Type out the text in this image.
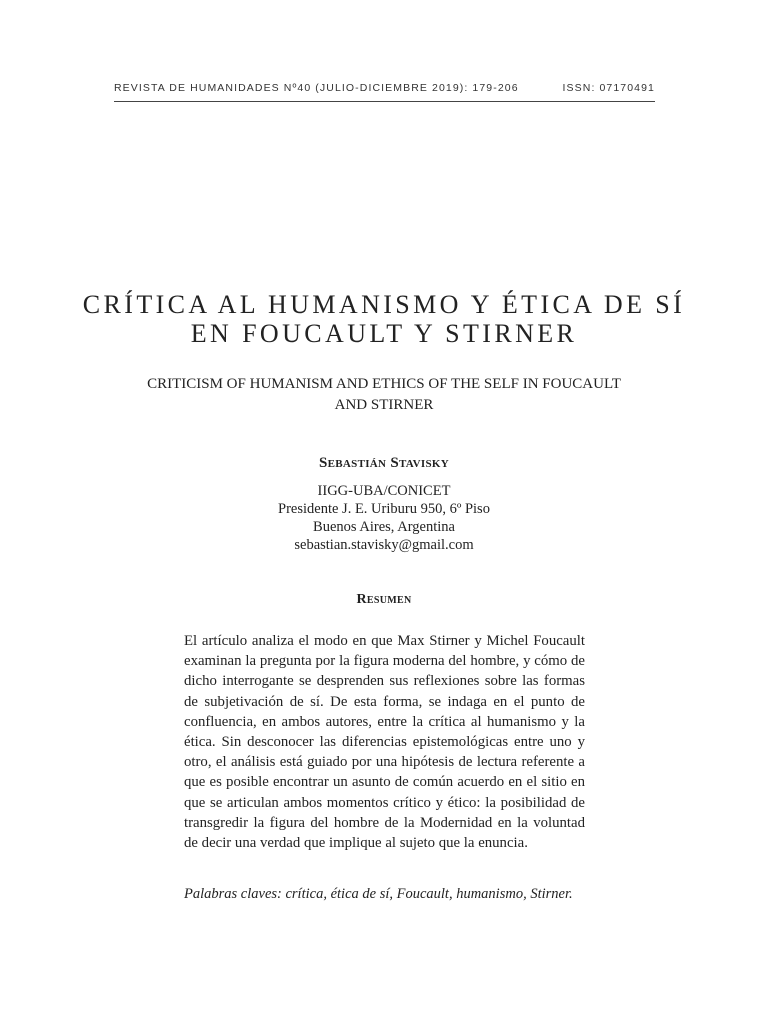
REVISTA DE HUMANIDADES Nº40 (JULIO-DICIEMBRE 2019): 179-206	ISSN: 07170491
CRÍTICA AL HUMANISMO Y ÉTICA DE SÍ EN FOUCAULT Y STIRNER
CRITICISM OF HUMANISM AND ETHICS OF THE SELF IN FOUCAULT AND STIRNER
Sebastián Stavisky
IIGG-UBA/CONICET
Presidente J. E. Uriburu 950, 6º Piso
Buenos Aires, Argentina
sebastian.stavisky@gmail.com
Resumen

El artículo analiza el modo en que Max Stirner y Michel Foucault examinan la pregunta por la figura moderna del hombre, y cómo de dicho interrogante se desprenden sus reflexiones sobre las formas de subjetivación de sí. De esta forma, se indaga en el punto de confluencia, en ambos autores, entre la crítica al humanismo y la ética. Sin desconocer las diferencias epistemológicas entre uno y otro, el análisis está guiado por una hipótesis de lectura referente a que es posible encontrar un asunto de común acuerdo en el sitio en que se articulan ambos momentos crítico y ético: la posibilidad de transgredir la figura del hombre de la Modernidad en la voluntad de decir una verdad que implique al sujeto que la enuncia.

Palabras claves: crítica, ética de sí, Foucault, humanismo, Stirner.
